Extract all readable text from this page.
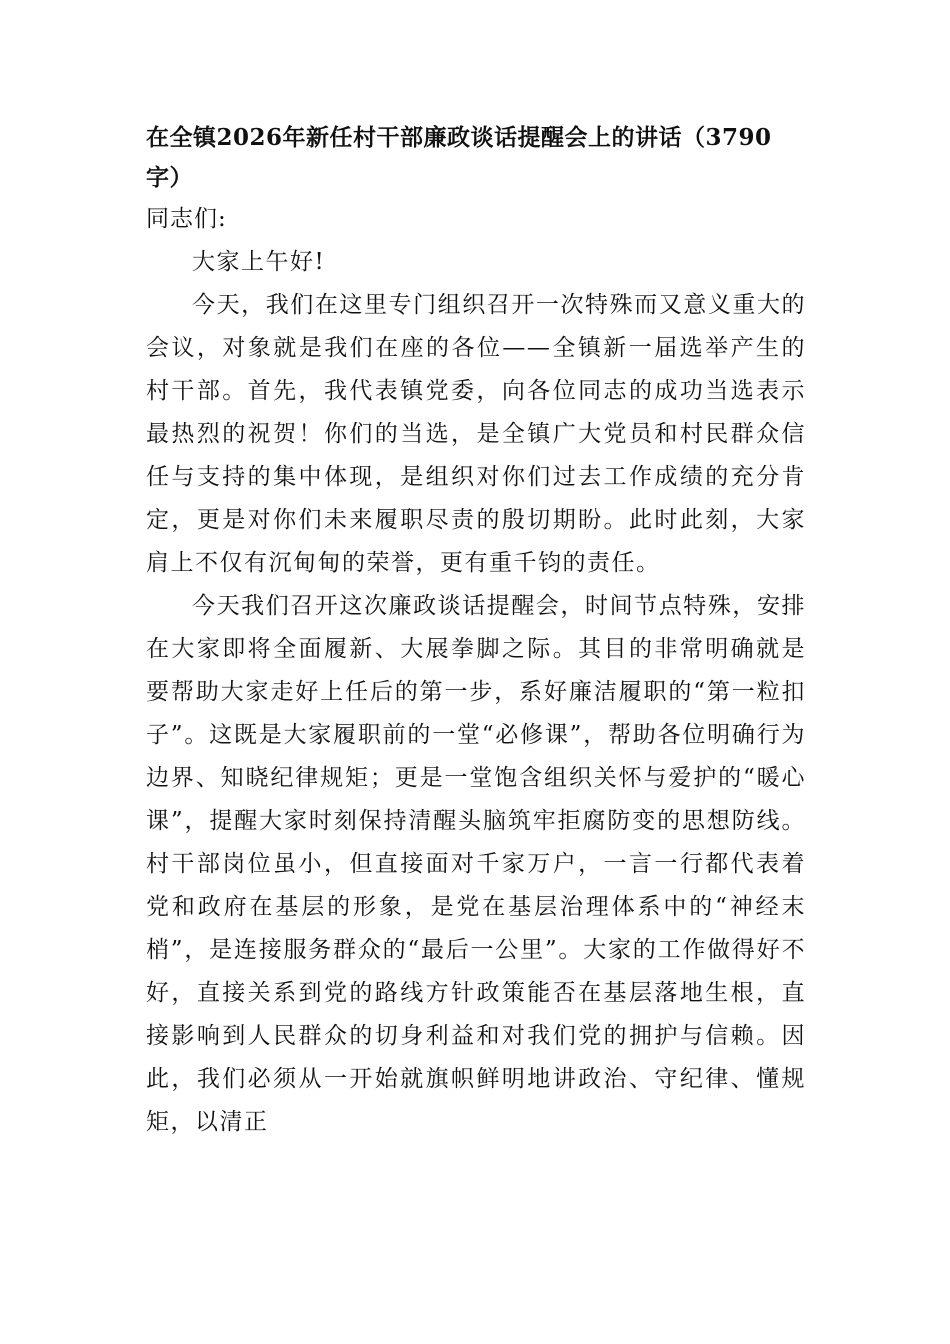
在全镇2026年新任村干部廉政谈话提醒会上的讲话（3790字）

同志们:

大家上午好!

今天，我们在这里专门组织召开一次特殊而又意义重大的会议，对象就是我们在座的各位——全镇新一届选举产生的村干部。首先，我代表镇党委，向各位同志的成功当选表示最热烈的祝贺！你们的当选，是全镇广大党员和村民群众信任与支持的集中体现，是组织对你们过去工作成绩的充分肯定，更是对你们未来履职尽责的殷切期盼。此时此刻，大家肩上不仅有沉甸甸的荣誉，更有重千钧的责任。

今天我们召开这次廉政谈话提醒会，时间节点特殊，安排在大家即将全面履新、大展拳脚之际。其目的非常明确就是要帮助大家走好上任后的第一步，系好廉洁履职的“第一粒扣子”。这既是大家履职前的一堂“必修课”，帮助各位明确行为边界、知晓纪律规矩；更是一堂饱含组织关怀与爱护的“暖心课”，提醒大家时刻保持清醒头脑筑牢拒腐防变的思想防线。村干部岗位虽小，但直接面对千家万户，一言一行都代表着党和政府在基层的形象，是党在基层治理体系中的“神经末梢”，是连接服务群众的“最后一公里”。大家的工作做得好不好，直接关系到党的路线方针政策能否在基层落地生根，直接影响到人民群众的切身利益和对我们党的拥护与信赖。因此，我们必须从一开始就旗帜鲜明地讲政治、守纪律、懂规矩，以清正
